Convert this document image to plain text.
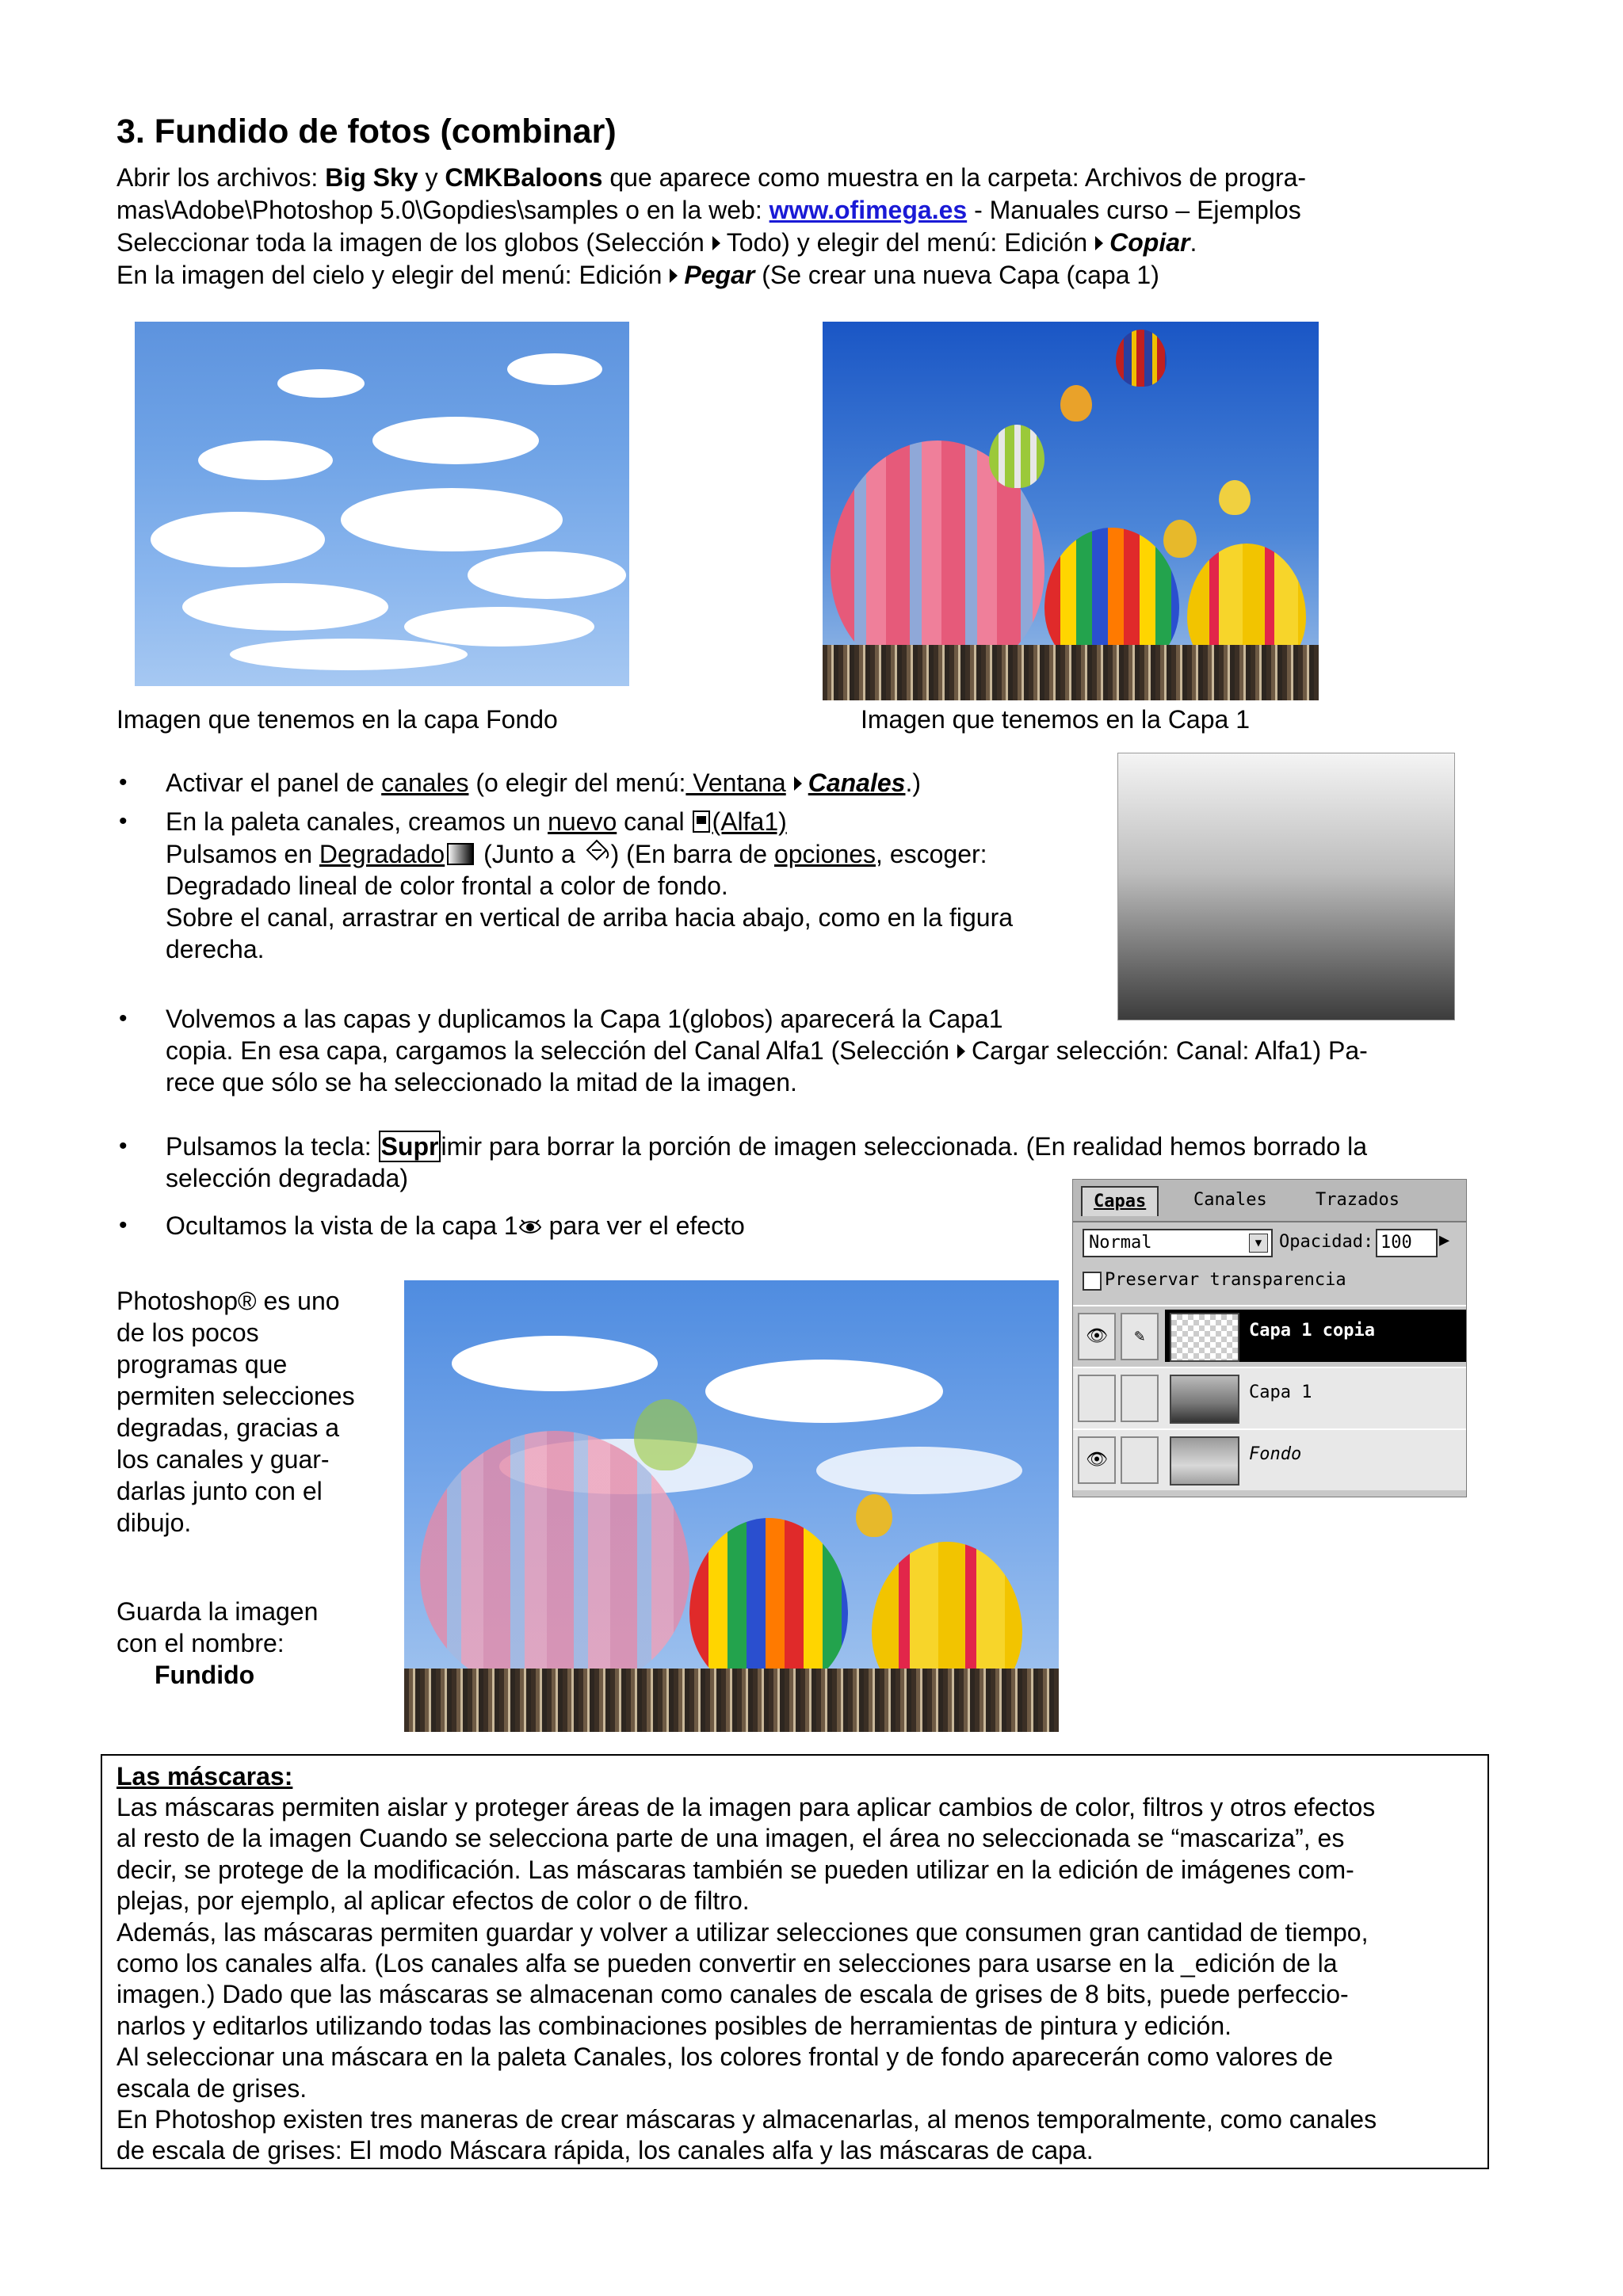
3. Fundido de fotos (combinar)
Abrir los archivos: Big Sky y CMKBaloons que aparece como muestra en la carpeta: Archivos de progra-
mas\Adobe\Photoshop 5.0\Gopdies\samples o en la web: www.ofimega.es - Manuales curso – Ejemplos
Seleccionar toda la imagen de los globos (Selección Todo) y elegir del menú: Edición Copiar.
En la imagen del cielo y elegir del menú: Edición Pegar (Se crear una nueva Capa (capa 1)
Imagen que tenemos en la capa Fondo	Imagen que tenemos en la Capa 1
• Activar el panel de canales (o elegir del menú: Ventana Canales.)
• En la paleta canales, creamos un nuevo canal (Alfa1)
Pulsamos en Degradado (Junto a ) (En barra de opciones, escoger:
Degradado lineal de color frontal a color de fondo.
Sobre el canal, arrastrar en vertical de arriba hacia abajo, como en la figura
derecha.
• Volvemos a las capas y duplicamos la Capa 1(globos) aparecerá la Capa1
copia. En esa capa, cargamos la selección del Canal Alfa1 (Selección Cargar selección: Canal: Alfa1) Pa-
rece que sólo se ha seleccionado la mitad de la imagen.
• Pulsamos la tecla: Suprimir para borrar la porción de imagen seleccionada. (En realidad hemos borrado la
selección degradada)
• Ocultamos la vista de la capa 1 para ver el efecto
Capas	Canales	Trazados
Normal	▼ Opacidad: 100	▶
Preservar transparencia
👁	✎	Capa 1 copia
Capa 1
👁	Fondo
Photoshop® es uno
de los pocos
programas que
permiten selecciones
degradas, gracias a
los canales y guar-
darlas junto con el
dibujo.
Guarda la imagen
con el nombre:
Fundido
Las máscaras:
Las máscaras permiten aislar y proteger áreas de la imagen para aplicar cambios de color, filtros y otros efectos
al resto de la imagen Cuando se selecciona parte de una imagen, el área no seleccionada se “mascariza”, es
decir, se protege de la modificación. Las máscaras también se pueden utilizar en la edición de imágenes com-
plejas, por ejemplo, al aplicar efectos de color o de filtro.
Además, las máscaras permiten guardar y volver a utilizar selecciones que consumen gran cantidad de tiempo,
como los canales alfa. (Los canales alfa se pueden convertir en selecciones para usarse en la _edición de la
imagen.) Dado que las máscaras se almacenan como canales de escala de grises de 8 bits, puede perfeccio-
narlos y editarlos utilizando todas las combinaciones posibles de herramientas de pintura y edición.
Al seleccionar una máscara en la paleta Canales, los colores frontal y de fondo aparecerán como valores de
escala de grises.
En Photoshop existen tres maneras de crear máscaras y almacenarlas, al menos temporalmente, como canales
de escala de grises: El modo Máscara rápida, los canales alfa y las máscaras de capa.
